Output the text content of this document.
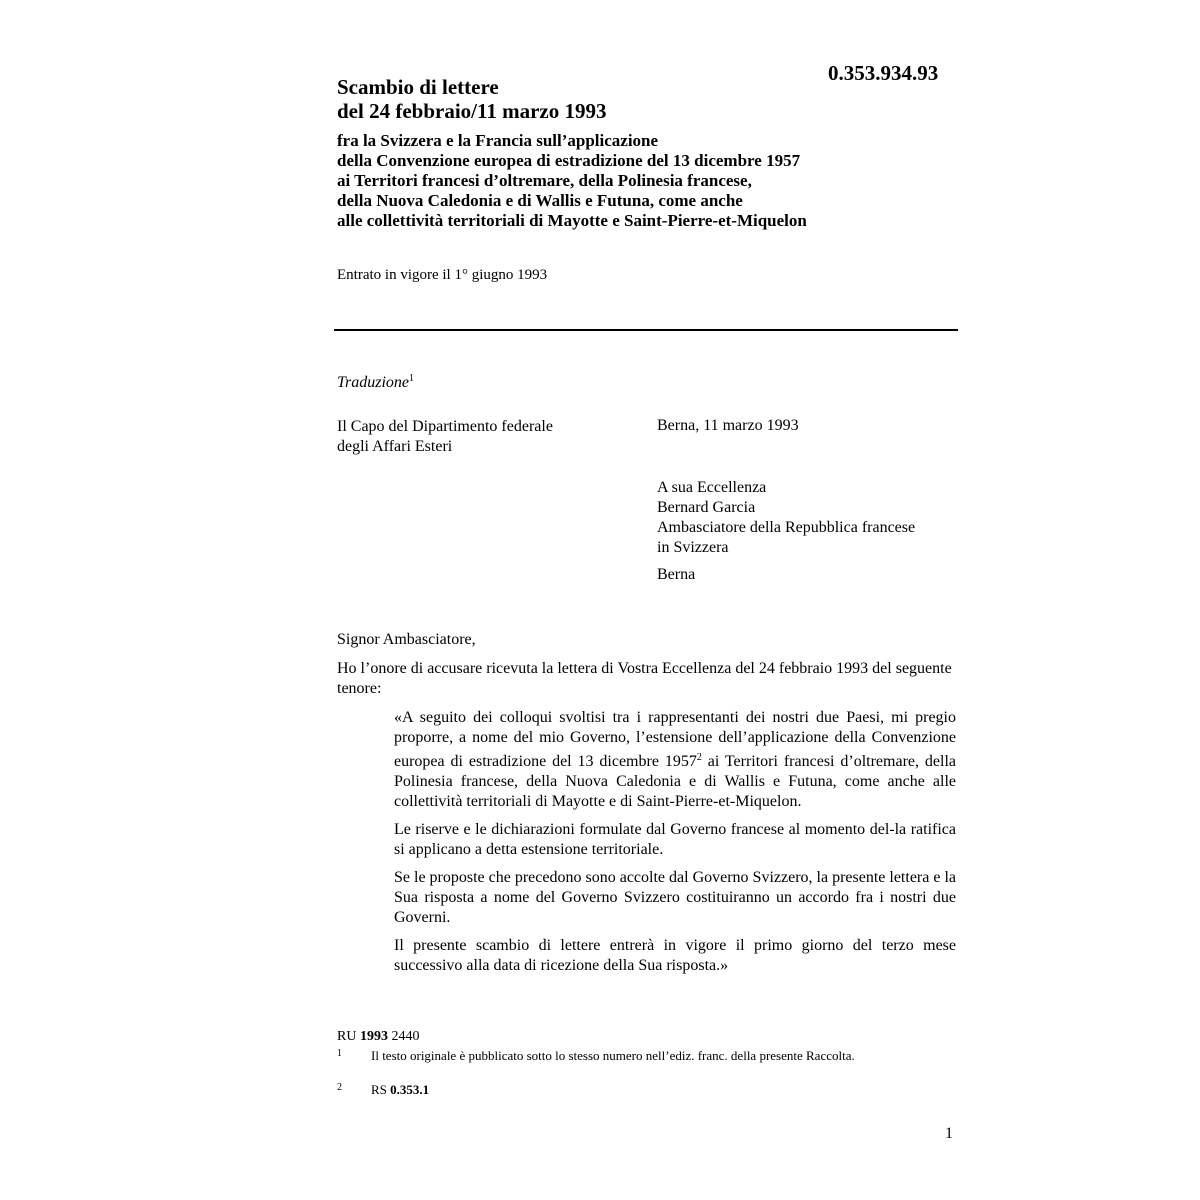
0.353.934.93
Scambio di lettere
del 24 febbraio/11 marzo 1993
fra la Svizzera e la Francia sull’applicazione
della Convenzione europea di estradizione del 13 dicembre 1957
ai Territori francesi d’oltremare, della Polinesia francese,
della Nuova Caledonia e di Wallis e Futuna, come anche
alle collettività territoriali di Mayotte e Saint-Pierre-et-Miquelon
Entrato in vigore il 1° giugno 1993
Traduzione$^1$
Il Capo del Dipartimento federale
degli Affari Esteri
Berna, 11 marzo 1993
A sua Eccellenza
Bernard Garcia
Ambasciatore della Repubblica francese
in Svizzera
Berna
Signor Ambasciatore,
Ho l’onore di accusare ricevuta la lettera di Vostra Eccellenza del 24 febbraio 1993 del seguente tenore:

«A seguito dei colloqui svoltisi tra i rappresentanti dei nostri due Paesi, mi pregio proporre, a nome del mio Governo, l’estensione dell’applicazione della Convenzione europea di estradizione del 13 dicembre 1957$^2$ ai Territori francesi d’oltremare, della Polinesia francese, della Nuova Caledonia e di Wallis e Futuna, come anche alle collettività territoriali di Mayotte e di Saint-Pierre-et-Miquelon.

Le riserve e le dichiarazioni formulate dal Governo francese al momento del-la ratifica si applicano a detta estensione territoriale.

Se le proposte che precedono sono accolte dal Governo Svizzero, la presente lettera e la Sua risposta a nome del Governo Svizzero costituiranno un accordo fra i nostri due Governi.

Il presente scambio di lettere entrerà in vigore il primo giorno del terzo mese successivo alla data di ricezione della Sua risposta.»

RU 1993 2440
1 Il testo originale è pubblicato sotto lo stesso numero nell’ediz. franc. della presente Raccolta.
2 RS 0.353.1
1
